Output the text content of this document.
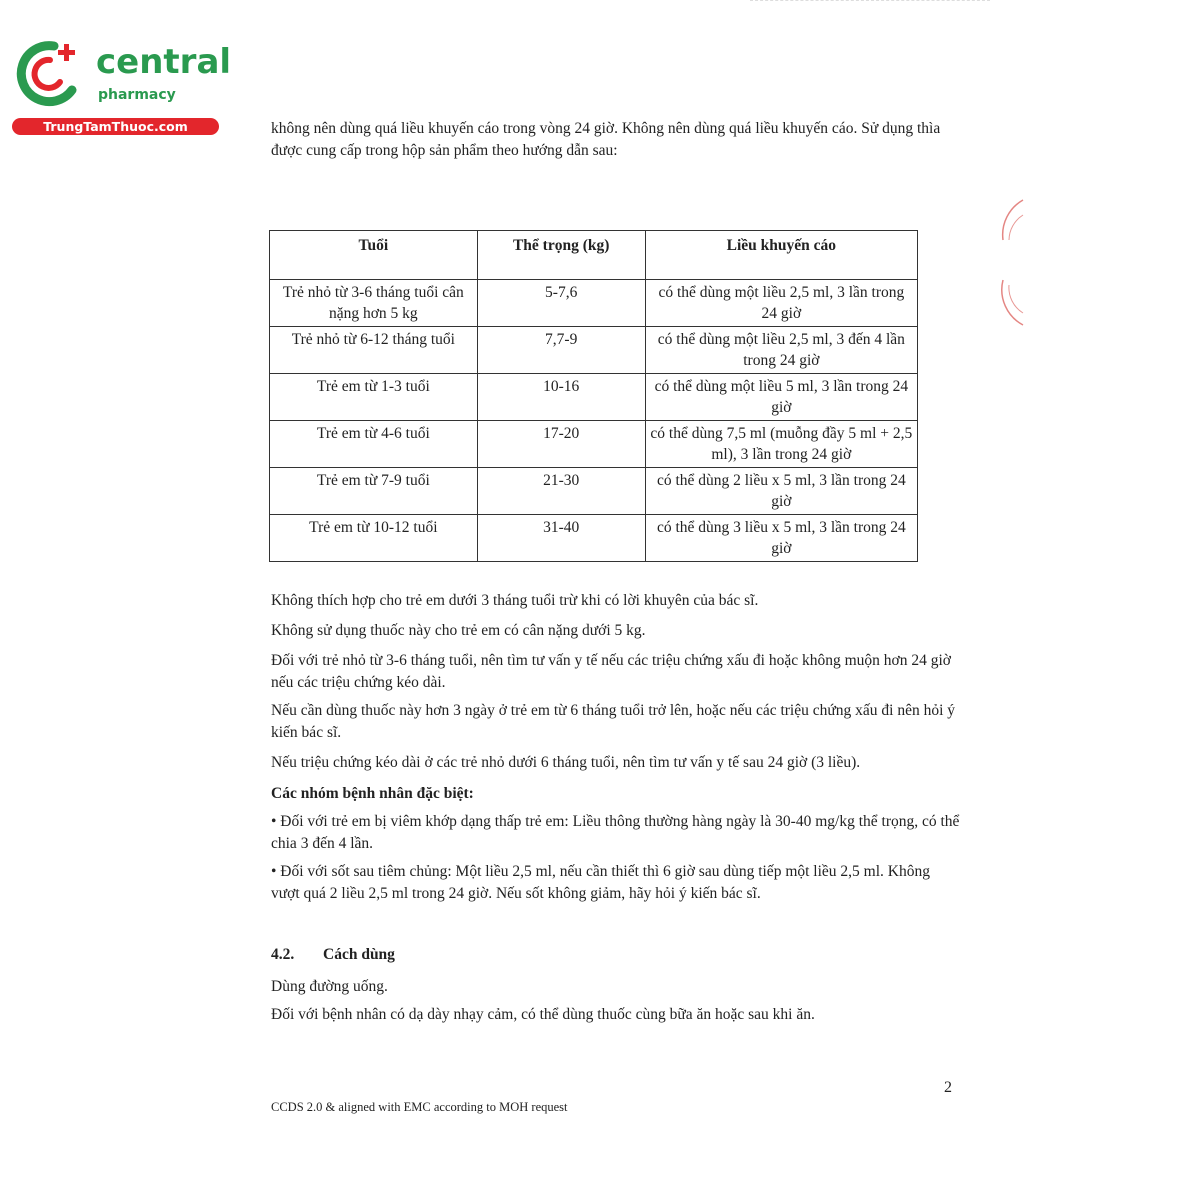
central
pharmacy
TrungTamThuoc.com	không nên dùng quá liều khuyến cáo trong vòng 24 giờ. Không nên dùng quá liều khuyến cáo. Sử dụng thìa được cung cấp trong hộp sản phẩm theo hướng dẫn sau:

Tuổi	Thể trọng (kg)	Liều khuyến cáo
Trẻ nhỏ từ 3-6 tháng tuổi cân nặng hơn 5 kg	5-7,6	có thể dùng một liều 2,5 ml, 3 lần trong 24 giờ
Trẻ nhỏ từ 6-12 tháng tuổi	7,7-9	có thể dùng một liều 2,5 ml, 3 đến 4 lần trong 24 giờ
Trẻ em từ 1-3 tuổi	10-16	có thể dùng một liều 5 ml, 3 lần trong 24 giờ
Trẻ em từ 4-6 tuổi	17-20	có thể dùng 7,5 ml (muỗng đầy 5 ml + 2,5 ml), 3 lần trong 24 giờ
Trẻ em từ 7-9 tuổi	21-30	có thể dùng 2 liều x 5 ml, 3 lần trong 24 giờ
Trẻ em từ 10-12 tuổi	31-40	có thể dùng 3 liều x 5 ml, 3 lần trong 24 giờ

Không thích hợp cho trẻ em dưới 3 tháng tuổi trừ khi có lời khuyên của bác sĩ.

Không sử dụng thuốc này cho trẻ em có cân nặng dưới 5 kg.

Đối với trẻ nhỏ từ 3-6 tháng tuổi, nên tìm tư vấn y tế nếu các triệu chứng xấu đi hoặc không muộn hơn 24 giờ nếu các triệu chứng kéo dài.

Nếu cần dùng thuốc này hơn 3 ngày ở trẻ em từ 6 tháng tuổi trở lên, hoặc nếu các triệu chứng xấu đi nên hỏi ý kiến bác sĩ.

Nếu triệu chứng kéo dài ở các trẻ nhỏ dưới 6 tháng tuổi, nên tìm tư vấn y tế sau 24 giờ (3 liều).

Các nhóm bệnh nhân đặc biệt:

• Đối với trẻ em bị viêm khớp dạng thấp trẻ em: Liều thông thường hàng ngày là 30-40 mg/kg thể trọng, có thể chia 3 đến 4 lần.

• Đối với sốt sau tiêm chủng: Một liều 2,5 ml, nếu cần thiết thì 6 giờ sau dùng tiếp một liều 2,5 ml. Không vượt quá 2 liều 2,5 ml trong 24 giờ. Nếu sốt không giảm, hãy hỏi ý kiến bác sĩ.

4.2. Cách dùng

Dùng đường uống.

Đối với bệnh nhân có dạ dày nhạy cảm, có thể dùng thuốc cùng bữa ăn hoặc sau khi ăn.

2
CCDS 2.0 & aligned with EMC according to MOH request
